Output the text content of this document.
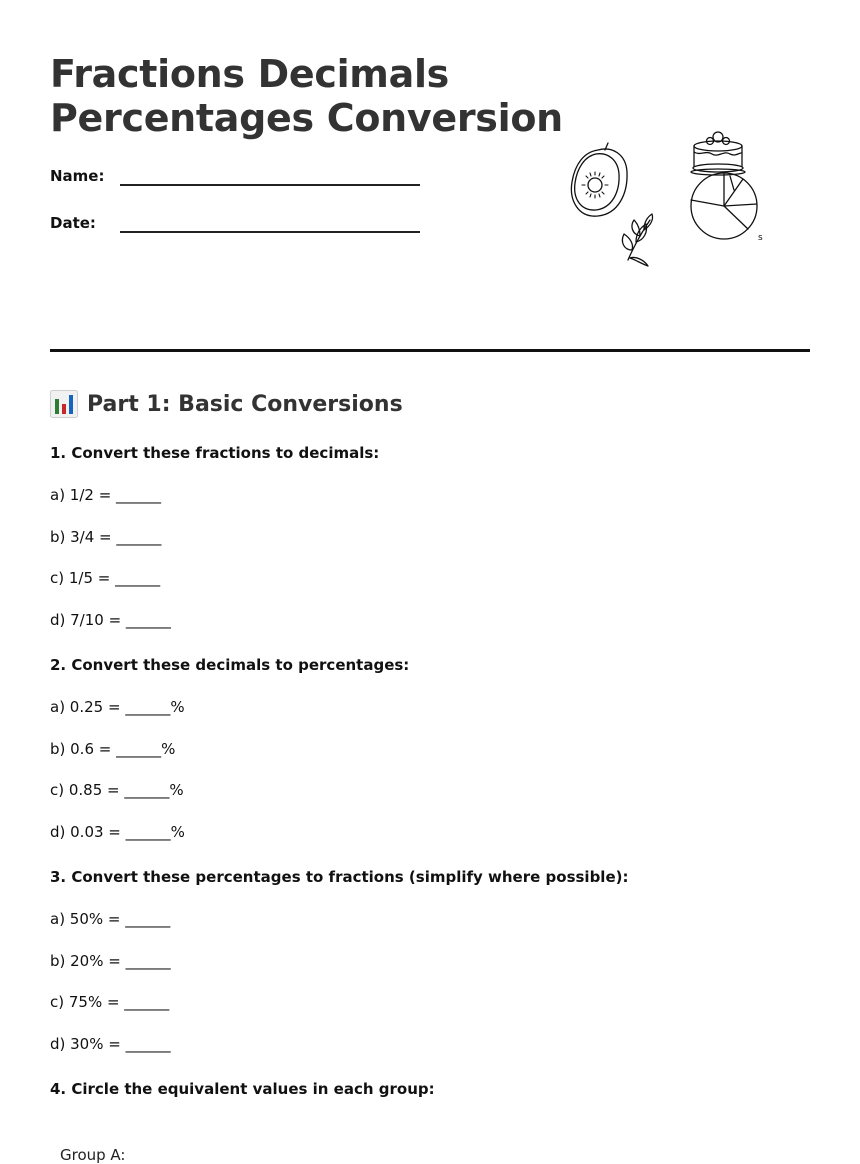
Fractions Decimals
Percentages Conversion
Name:
Date:
s
Part 1: Basic Conversions
1. Convert these fractions to decimals:
a) 1/2 = ______
b) 3/4 = ______
c) 1/5 = ______
d) 7/10 = ______
2. Convert these decimals to percentages:
a) 0.25 = ______%
b) 0.6 = ______%
c) 0.85 = ______%
d) 0.03 = ______%
3. Convert these percentages to fractions (simplify where possible):
a) 50% = ______
b) 20% = ______
c) 75% = ______
d) 30% = ______
4. Circle the equivalent values in each group:
Group A:
